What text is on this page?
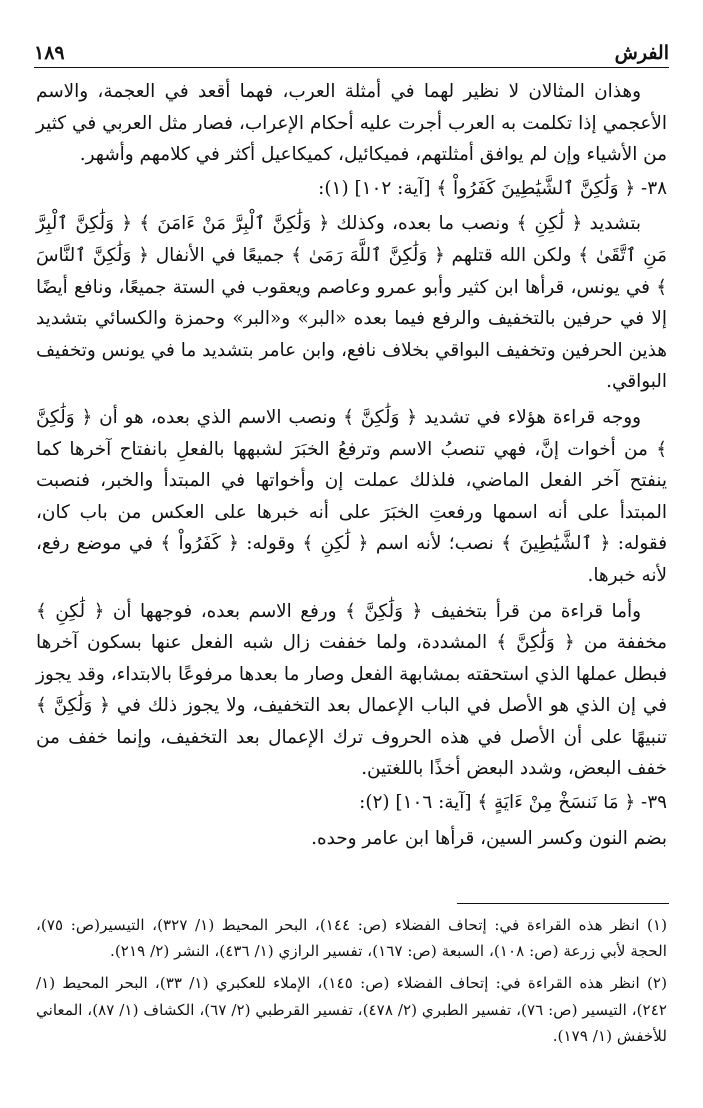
الفرش
١٨٩

وهذان المثالان لا نظير لهما في أمثلة العرب، فهما أقعد في العجمة، والاسم الأعجمي إذا تكلمت به العرب أجرت عليه أحكام الإعراب، فصار مثل العربي في كثير من الأشياء وإن لم يوافق أمثلتهم، فميكائيل، كميكاعيل أكثر في كلامهم وأشهر.

٣٨- ﴿ وَلَٰكِنَّ ٱلشَّيَٰطِينَ كَفَرُواْ ﴾ [آية: ١٠٢] (١):

بتشديد ﴿ لَٰكِنِ ﴾ ونصب ما بعده، وكذلك ﴿ وَلَٰكِنَّ ٱلْبِرَّ مَنْ ءَامَنَ ﴾ ﴿ وَلَٰكِنَّ ٱلْبِرَّ مَنِ ٱتَّقَىٰ ﴾ ولكن الله قتلهم ﴿ وَلَٰكِنَّ ٱللَّهَ رَمَىٰ ﴾ جميعًا في الأنفال ﴿ وَلَٰكِنَّ ٱلنَّاسَ ﴾ في يونس، قرأها ابن كثير وأبو عمرو وعاصم ويعقوب في الستة جميعًا، ونافع أيضًا إلا في حرفين بالتخفيف والرفع فيما بعده «البر» و«البر» وحمزة والكسائي بتشديد هذين الحرفين وتخفيف البواقي بخلاف نافع، وابن عامر بتشديد ما في يونس وتخفيف البواقي.

ووجه قراءة هؤلاء في تشديد ﴿ وَلَٰكِنَّ ﴾ ونصب الاسم الذي بعده، هو أن ﴿ وَلَٰكِنَّ ﴾ من أخوات إنَّ، فهي تنصبُ الاسم وترفعُ الخبَرَ لشبهها بالفعلِ بانفتاح آخرها كما ينفتح آخر الفعل الماضي، فلذلك عملت إن وأخواتها في المبتدأ والخبر، فنصبت المبتدأ على أنه اسمها ورفعتِ الخبَرَ على أنه خبرها على العكس من باب كان، فقوله: ﴿ ٱلشَّيَٰطِينَ ﴾ نصب؛ لأنه اسم ﴿ لَٰكِنِ ﴾ وقوله: ﴿ كَفَرُواْ ﴾ في موضع رفع، لأنه خبرها.

وأما قراءة من قرأ بتخفيف ﴿ وَلَٰكِنَّ ﴾ ورفع الاسم بعده، فوجهها أن ﴿ لَٰكِنِ ﴾ مخففة من ﴿ وَلَٰكِنَّ ﴾ المشددة، ولما خففت زال شبه الفعل عنها بسكون آخرها فبطل عملها الذي استحقته بمشابهة الفعل وصار ما بعدها مرفوعًا بالابتداء، وقد يجوز في إن الذي هو الأصل في الباب الإعمال بعد التخفيف، ولا يجوز ذلك في ﴿ وَلَٰكِنَّ ﴾ تنبيهًا على أن الأصل في هذه الحروف ترك الإعمال بعد التخفيف، وإنما خفف من خفف البعض، وشدد البعض أخذًا باللغتين.

٣٩- ﴿ مَا نَنسَخْ مِنْ ءَايَةٍ ﴾ [آية: ١٠٦] (٢):

بضم النون وكسر السين، قرأها ابن عامر وحده.

(١) انظر هذه القراءة في: إتحاف الفضلاء (ص: ١٤٤)، البحر المحيط (١/ ٣٢٧)، التيسير(ص: ٧٥)، الحجة لأبي زرعة (ص: ١٠٨)، السبعة (ص: ١٦٧)، تفسير الرازي (١/ ٤٣٦)، النشر (٢/ ٢١٩).

(٢) انظر هذه القراءة في: إتحاف الفضلاء (ص: ١٤٥)، الإملاء للعكبري (١/ ٣٣)، البحر المحيط (١/ ٢٤٢)، التيسير (ص: ٧٦)، تفسير الطبري (٢/ ٤٧٨)، تفسير القرطبي (٢/ ٦٧)، الكشاف (١/ ٨٧)، المعاني للأخفش (١/ ١٧٩).
